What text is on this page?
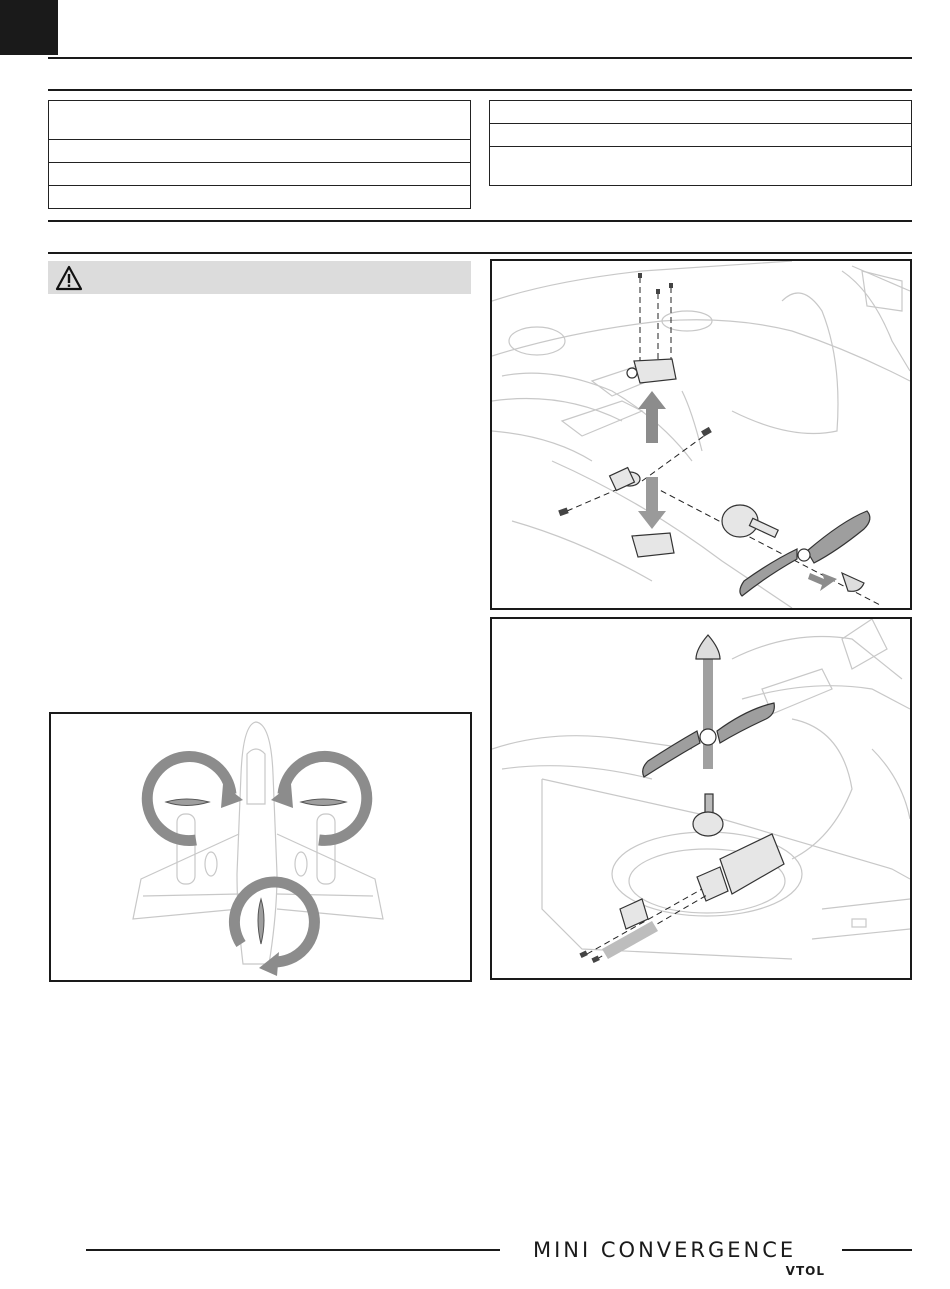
MINI CONVERGENCE
VTOL
